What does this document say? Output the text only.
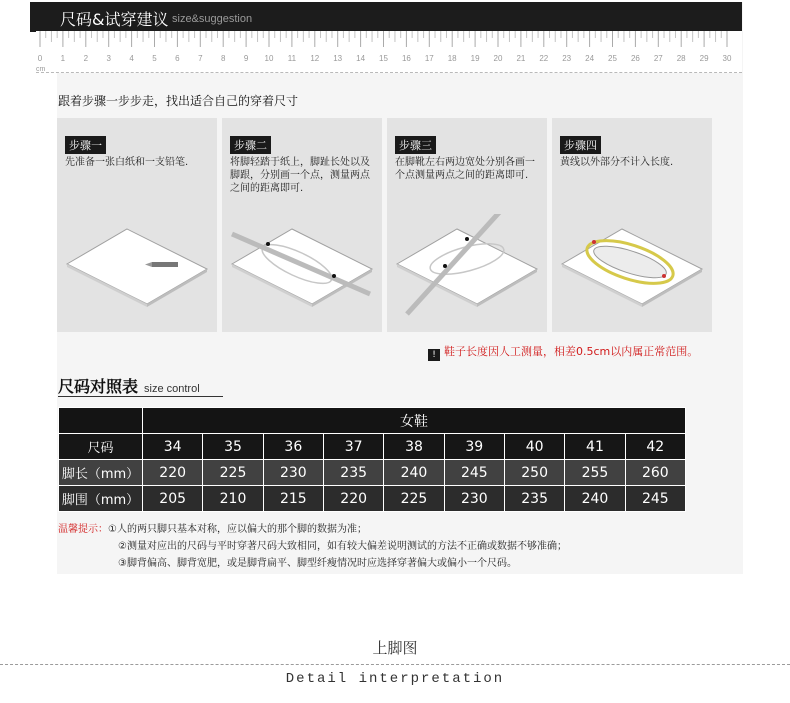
尺码&试穿建议 size&suggestion
0 1 2 3 4 5 6 7 8 9 10 11 12 13 14 15 16 17 18 19 20 21 22 23 24 25 26 27 28 29 30
cm
跟着步骤一步步走，找出适合自己的穿着尺寸
步骤一
先准备一张白纸和一支铅笔.
步骤二
将脚轻踏于纸上，脚趾长处以及脚跟，分别画一个点，测量两点之间的距离即可.
步骤三
在脚靴左右两边宽处分别各画一个点测量两点之间的距离即可.
步骤四
黄线以外部分不计入长度.
! 鞋子长度因人工测量，相差0.5cm以内属正常范围。
尺码对照表 size control
	女鞋								
尺码	34	35	36	37	38	39	40	41	42
脚长（mm）	220	225	230	235	240	245	250	255	260
脚围（mm）	205	210	215	220	225	230	235	240	245
温馨提示：①人的两只脚只基本对称，应以偏大的那个脚的数据为准；
②测量对应出的尺码与平时穿著尺码大致相同，如有较大偏差说明测试的方法不正确或数据不够准确；
③脚背偏高、脚背宽肥，或是脚背扁平、脚型纤瘦情况时应选择穿著偏大或偏小一个尺码。
上脚图
Detail interpretation
